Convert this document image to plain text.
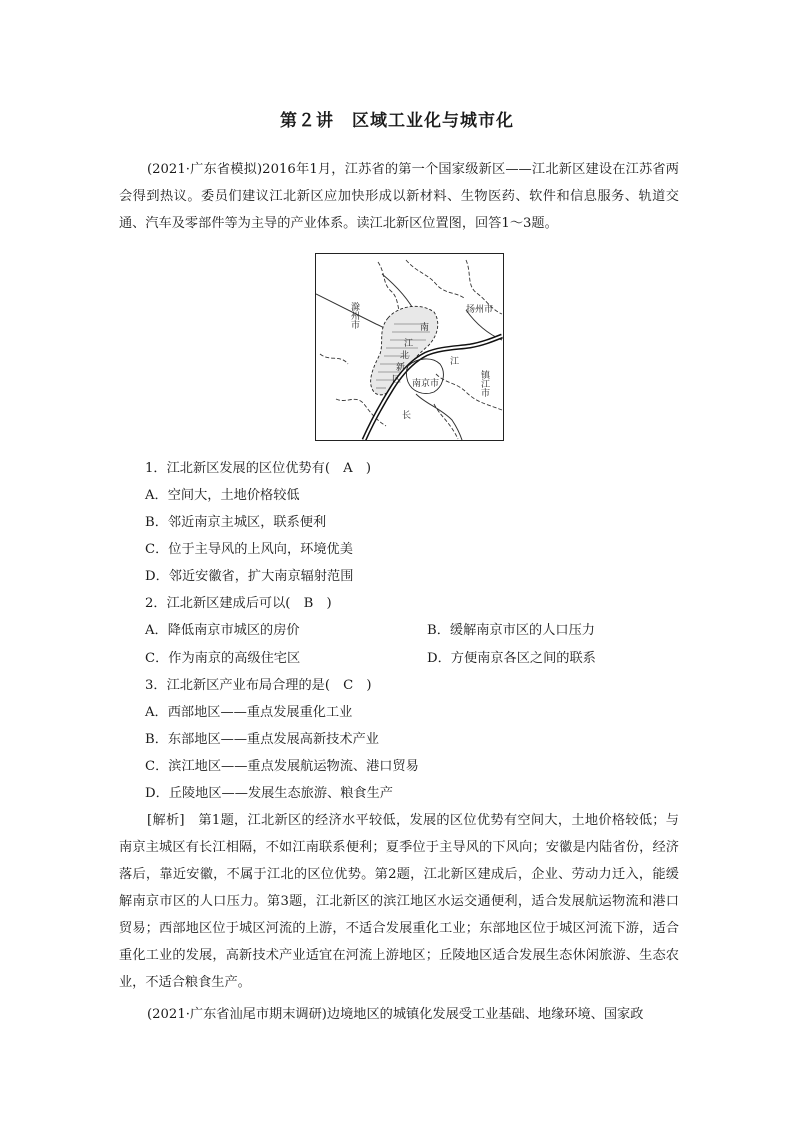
第２讲　区域工业化与城市化
(2021·广东省模拟)2016年1月，江苏省的第一个国家级新区——江北新区建设在江苏省两会得到热议。委员们建议江北新区应加快形成以新材料、生物医药、软件和信息服务、轨道交通、汽车及零部件等为主导的产业体系。读江北新区位置图，回答1～3题。
滁州市	扬州市
镇江市
南京市
江
北
新
区
南
江
长
1．江北新区发展的区位优势有(　A　)
A．空间大，土地价格较低
B．邻近南京主城区，联系便利
C．位于主导风的上风向，环境优美
D．邻近安徽省，扩大南京辐射范围
2．江北新区建成后可以(　B　)
A．降低南京市城区的房价	B．缓解南京市区的人口压力
C．作为南京的高级住宅区	D．方便南京各区之间的联系
3．江北新区产业布局合理的是(　C　)
A．西部地区——重点发展重化工业
B．东部地区——重点发展高新技术产业
C．滨江地区——重点发展航运物流、港口贸易
D．丘陵地区——发展生态旅游、粮食生产
[解析]　第1题，江北新区的经济水平较低，发展的区位优势有空间大，土地价格较低；与南京主城区有长江相隔，不如江南联系便利；夏季位于主导风的下风向；安徽是内陆省份，经济落后，靠近安徽，不属于江北的区位优势。第2题，江北新区建成后，企业、劳动力迁入，能缓解南京市区的人口压力。第3题，江北新区的滨江地区水运交通便利，适合发展航运物流和港口贸易；西部地区位于城区河流的上游，不适合发展重化工业；东部地区位于城区河流下游，适合重化工业的发展，高新技术产业适宜在河流上游地区；丘陵地区适合发展生态休闲旅游、生态农业，不适合粮食生产。
(2021·广东省汕尾市期末调研)边境地区的城镇化发展受工业基础、地缘环境、国家政
